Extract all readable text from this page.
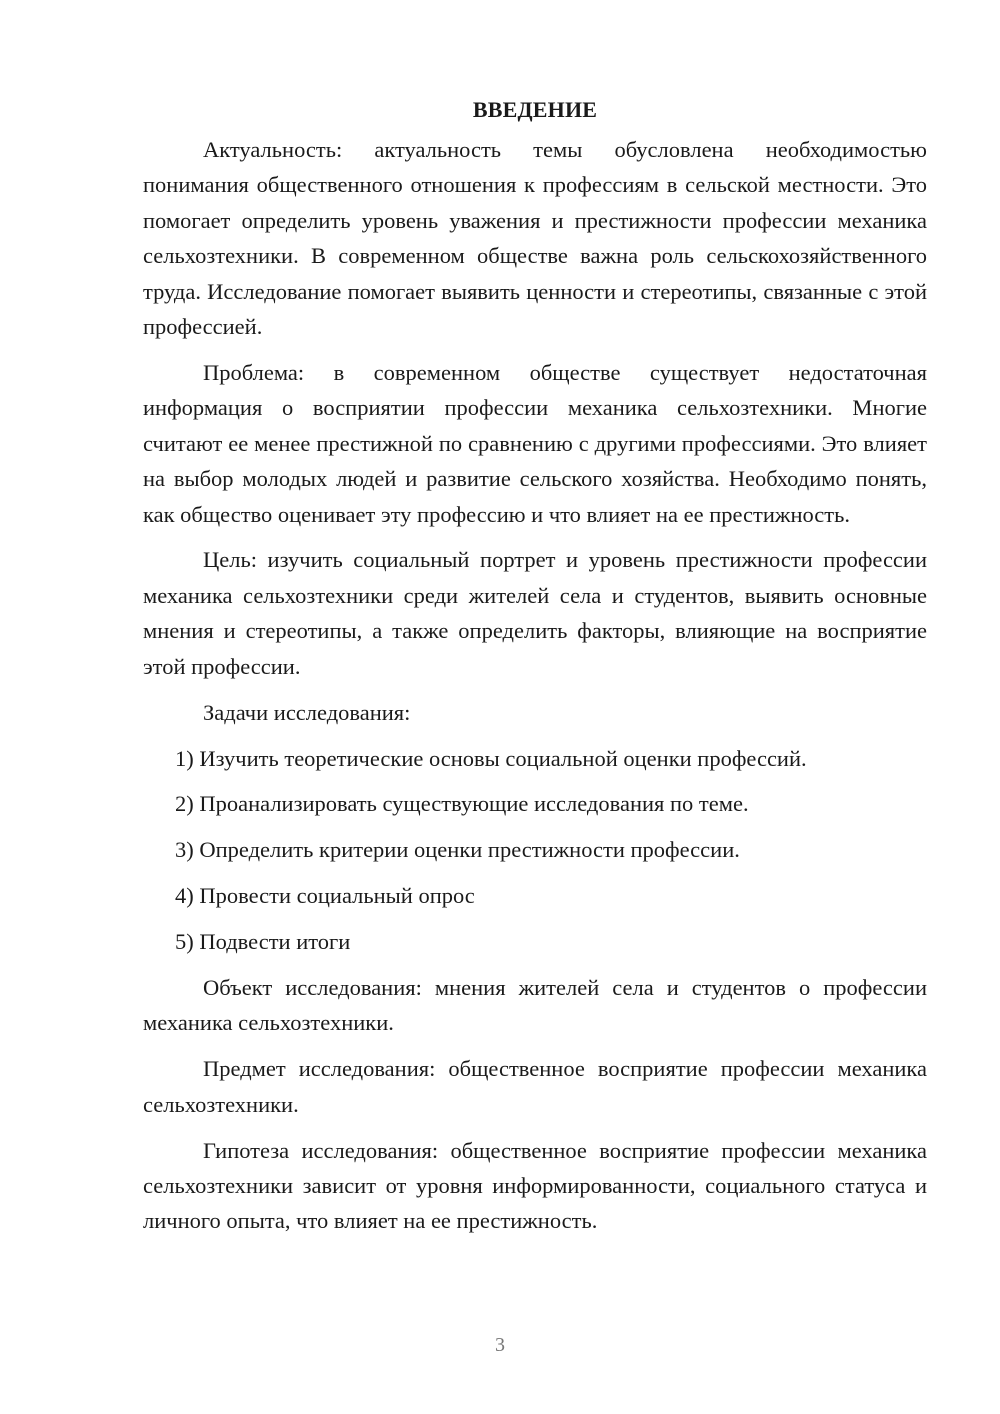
ВВЕДЕНИЕ

Актуальность: актуальность темы обусловлена необходимостью понимания общественного отношения к профессиям в сельской местности. Это помогает определить уровень уважения и престижности профессии механика сельхозтехники. В современном обществе важна роль сельскохозяйственного труда. Исследование помогает выявить ценности и стереотипы, связанные с этой профессией.

Проблема: в современном обществе существует недостаточная информация о восприятии профессии механика сельхозтехники. Многие считают ее менее престижной по сравнению с другими профессиями. Это влияет на выбор молодых людей и развитие сельского хозяйства. Необходимо понять, как общество оценивает эту профессию и что влияет на ее престижность.

Цель: изучить социальный портрет и уровень престижности профессии механика сельхозтехники среди жителей села и студентов, выявить основные мнения и стереотипы, а также определить факторы, влияющие на восприятие этой профессии.

Задачи исследования:

1) Изучить теоретические основы социальной оценки профессий.

2) Проанализировать существующие исследования по теме.

3) Определить критерии оценки престижности профессии.

4) Провести социальный опрос

5) Подвести итоги

Объект исследования: мнения жителей села и студентов о профессии механика сельхозтехники.

Предмет исследования: общественное восприятие профессии механика сельхозтехники.

Гипотеза исследования: общественное восприятие профессии механика сельхозтехники зависит от уровня информированности, социального статуса и личного опыта, что влияет на ее престижность.

3
